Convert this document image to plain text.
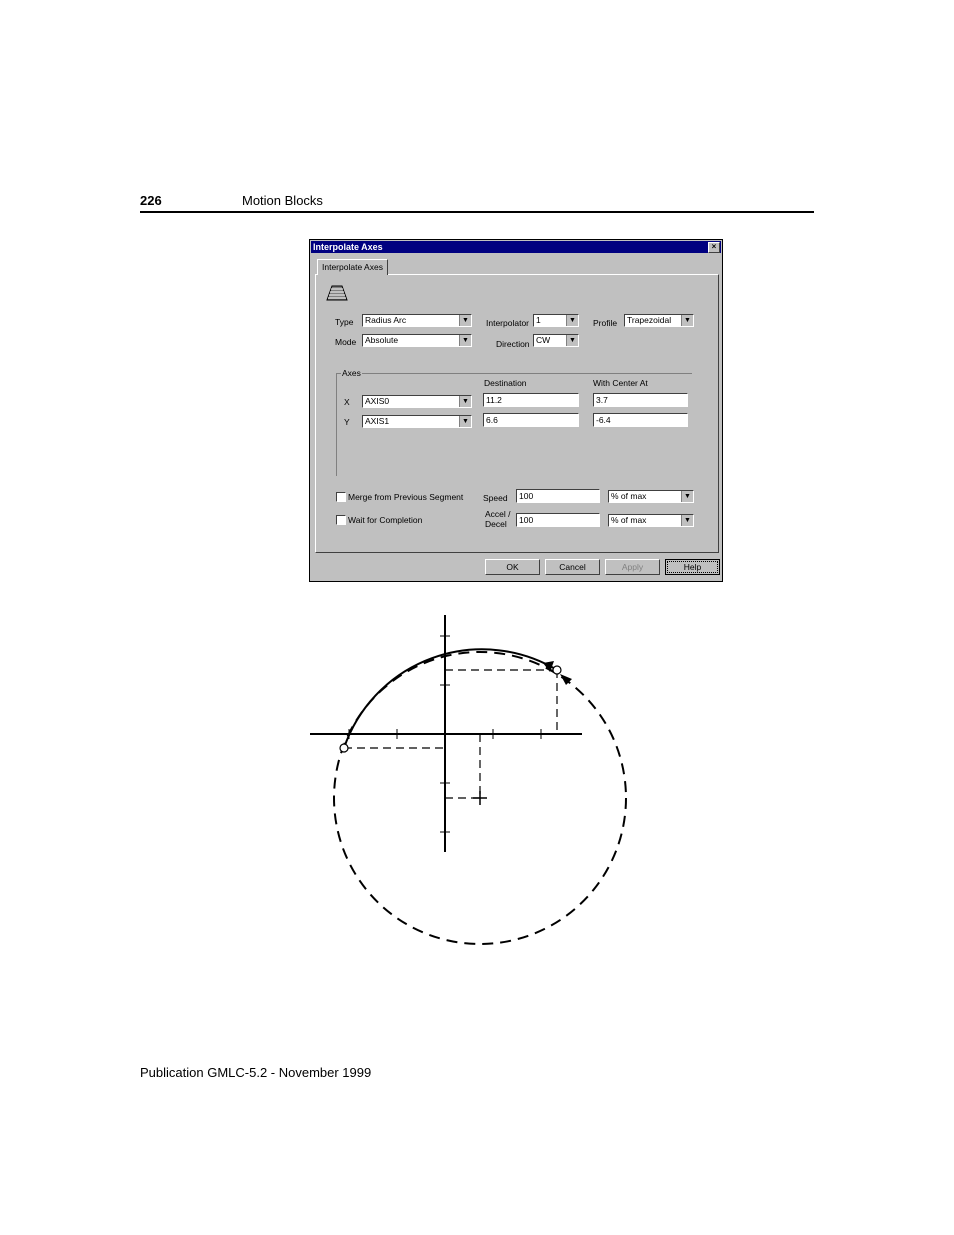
226	Motion Blocks
Interpolate Axes	×
Interpolate Axes
Type	Radius Arc	▼
Mode	Absolute	▼
Interpolator 1	▼
Direction CW	▼
Profile	Trapezoidal	▼
Axes
Destination	With Center At
X	AXIS0	▼	11.2	3.7
Y	AXIS1	▼	6.6	-6.4
Merge from Previous Segment
Wait for Completion
Speed	100	% of max	▼
Accel /
Decel	100	% of max	▼
OK	Cancel	Apply	Help
Publication GMLC-5.2 - November 1999
